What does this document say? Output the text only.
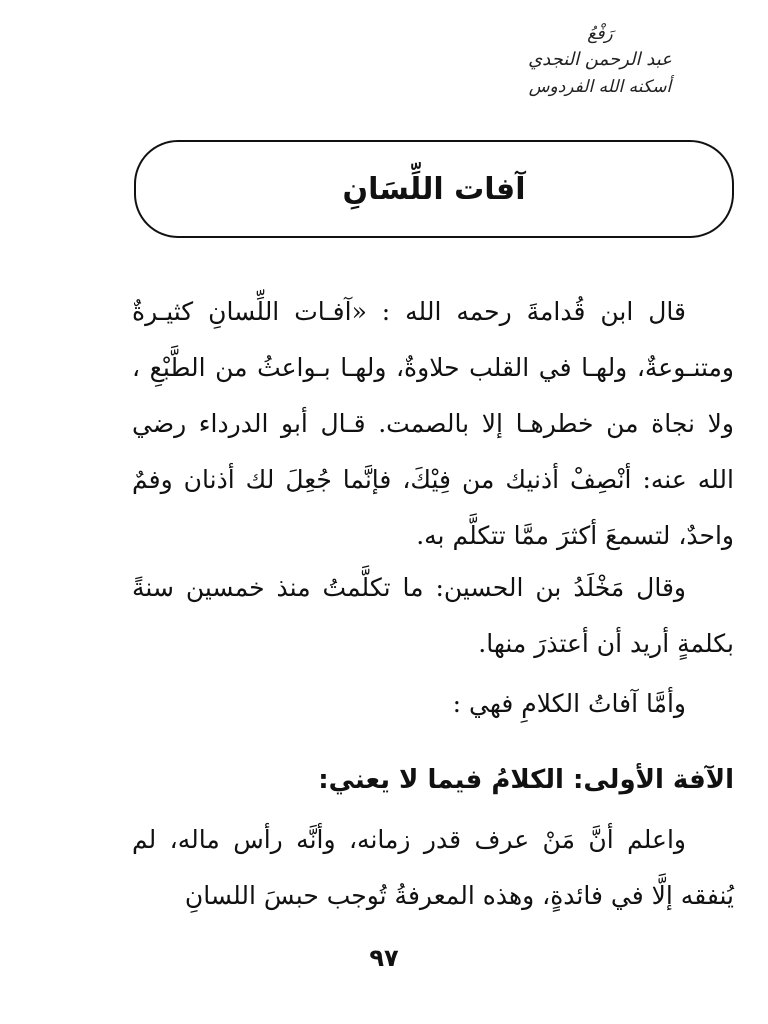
رَفْعُ
عبد الرحمن النجدي
أسكنه الله الفردوس
آفات اللِّسَانِ
قال ابن قُدامةَ رحمه الله : «آفـات اللِّسانِ كثيـرةٌ ومتنـوعةٌ، ولهـا في القلب حلاوةٌ، ولهـا بـواعثُ من الطَّبْعِ ، ولا نجاة من خطرهـا إلا بالصمت. قـال أبو الدرداء رضي الله عنه: أنْصِفْ أذنيك من فِيْكَ، فإنَّما جُعِلَ لك أذنان وفمٌ واحدٌ، لتسمعَ أكثرَ ممَّا تتكلَّم به.
وقال مَخْلَدُ بن الحسين: ما تكلَّمتُ منذ خمسين سنةً بكلمةٍ أريد أن أعتذرَ منها.
وأمَّا آفاتُ الكلامِ فهي :
الآفة الأولى: الكلامُ فيما لا يعني:
واعلم أنَّ مَنْ عرف قدر زمانه، وأنَّه رأس ماله، لم يُنفقه إلَّا في فائدةٍ، وهذه المعرفةُ تُوجب حبسَ اللسانِ
٩٧
